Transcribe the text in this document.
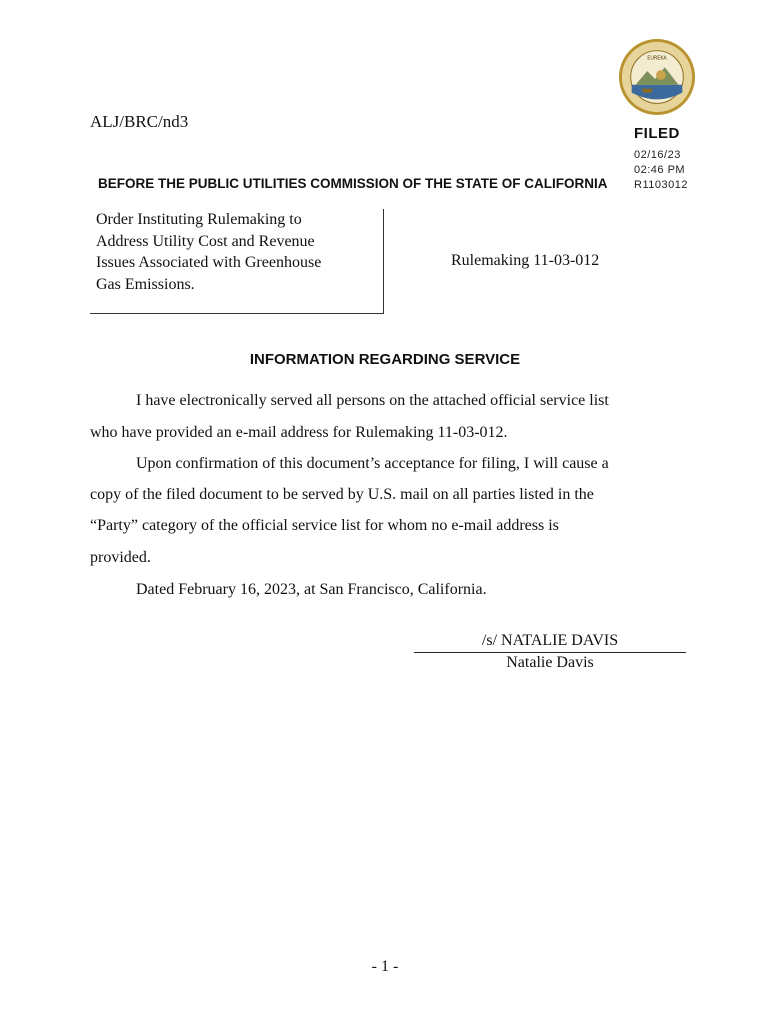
EUREKA
ALJ/BRC/nd3
FILED
02/16/23
02:46 PM
R1103012
BEFORE THE PUBLIC UTILITIES COMMISSION OF THE STATE OF CALIFORNIA
Order Instituting Rulemaking to
Address Utility Cost and Revenue
Issues Associated with Greenhouse
Gas Emissions.
Rulemaking 11-03-012
INFORMATION REGARDING SERVICE
I have electronically served all persons on the attached official service list
who have provided an e-mail address for Rulemaking 11-03-012.
Upon confirmation of this document’s acceptance for filing, I will cause a
copy of the filed document to be served by U.S. mail on all parties listed in the
“Party” category of the official service list for whom no e-mail address is
provided.
Dated February 16, 2023, at San Francisco, California.
/s/ NATALIE DAVIS
Natalie Davis
- 1 -
